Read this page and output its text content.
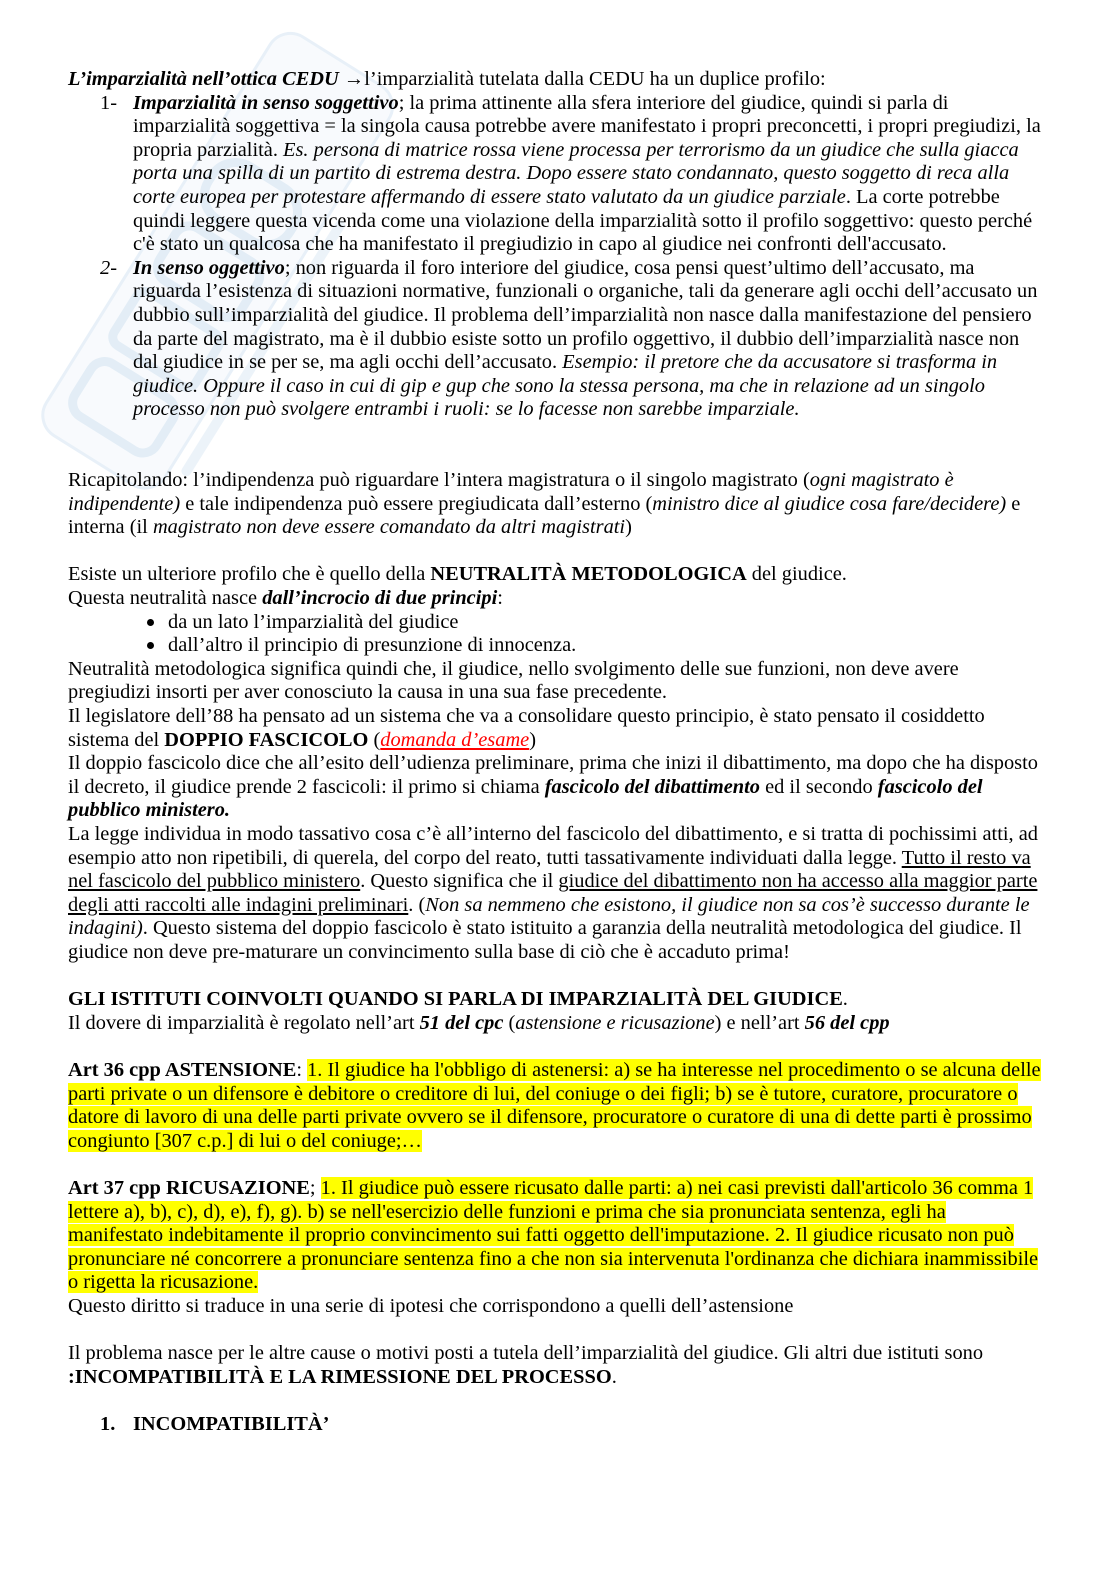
L’imparzialità nell’ottica CEDU →l’imparzialità tutelata dalla CEDU ha un duplice profilo:

1- Imparzialità in senso soggettivo; la prima attinente alla sfera interiore del giudice, quindi si parla di imparzialità soggettiva = la singola causa potrebbe avere manifestato i propri preconcetti, i propri pregiudizi, la propria parzialità. Es. persona di matrice rossa viene processa per terrorismo da un giudice che sulla giacca porta una spilla di un partito di estrema destra. Dopo essere stato condannato, questo soggetto di reca alla corte europea per protestare affermando di essere stato valutato da un giudice parziale. La corte potrebbe quindi leggere questa vicenda come una violazione della imparzialità sotto il profilo soggettivo: questo perché c'è stato un qualcosa che ha manifestato il pregiudizio in capo al giudice nei confronti dell'accusato.
2- In senso oggettivo; non riguarda il foro interiore del giudice, cosa pensi quest’ultimo dell’accusato, ma riguarda l’esistenza di situazioni normative, funzionali o organiche, tali da generare agli occhi dell’accusato un dubbio sull’imparzialità del giudice. Il problema dell’imparzialità non nasce dalla manifestazione del pensiero da parte del magistrato, ma è il dubbio esiste sotto un profilo oggettivo, il dubbio dell’imparzialità nasce non dal giudice in se per se, ma agli occhi dell’accusato. Esempio: il pretore che da accusatore si trasforma in giudice. Oppure il caso in cui di gip e gup che sono la stessa persona, ma che in relazione ad un singolo processo non può svolgere entrambi i ruoli: se lo facesse non sarebbe imparziale.

Ricapitolando: l’indipendenza può riguardare l’intera magistratura o il singolo magistrato (ogni magistrato è indipendente) e tale indipendenza può essere pregiudicata dall’esterno (ministro dice al giudice cosa fare/decidere) e interna (il magistrato non deve essere comandato da altri magistrati)

Esiste un ulteriore profilo che è quello della NEUTRALITÀ METODOLOGICA del giudice.

Questa neutralità nasce dall’incrocio di due principi:

da un lato l’imparzialità del giudice
dall’altro il principio di presunzione di innocenza.

Neutralità metodologica significa quindi che, il giudice, nello svolgimento delle sue funzioni, non deve avere pregiudizi insorti per aver conosciuto la causa in una sua fase precedente.

Il legislatore dell’88 ha pensato ad un sistema che va a consolidare questo principio, è stato pensato il cosiddetto sistema del DOPPIO FASCICOLO (domanda d’esame)

Il doppio fascicolo dice che all’esito dell’udienza preliminare, prima che inizi il dibattimento, ma dopo che ha disposto il decreto, il giudice prende 2 fascicoli: il primo si chiama fascicolo del dibattimento ed il secondo fascicolo del pubblico ministero.

La legge individua in modo tassativo cosa c’è all’interno del fascicolo del dibattimento, e si tratta di pochissimi atti, ad esempio atto non ripetibili, di querela, del corpo del reato, tutti tassativamente individuati dalla legge. Tutto il resto va nel fascicolo del pubblico ministero. Questo significa che il giudice del dibattimento non ha accesso alla maggior parte degli atti raccolti alle indagini preliminari. (Non sa nemmeno che esistono, il giudice non sa cos’è successo durante le indagini). Questo sistema del doppio fascicolo è stato istituito a garanzia della neutralità metodologica del giudice. Il giudice non deve pre-maturare un convincimento sulla base di ciò che è accaduto prima!

GLI ISTITUTI COINVOLTI QUANDO SI PARLA DI IMPARZIALITÀ DEL GIUDICE.

Il dovere di imparzialità è regolato nell’art 51 del cpc (astensione e ricusazione) e nell’art 56 del cpp

Art 36 cpp ASTENSIONE: 1. Il giudice ha l'obbligo di astenersi: a) se ha interesse nel procedimento o se alcuna delle parti private o un difensore è debitore o creditore di lui, del coniuge o dei figli; b) se è tutore, curatore, procuratore o datore di lavoro di una delle parti private ovvero se il difensore, procuratore o curatore di una di dette parti è prossimo congiunto [307 c.p.] di lui o del coniuge;…

Art 37 cpp RICUSAZIONE; 1. Il giudice può essere ricusato dalle parti: a) nei casi previsti dall'articolo 36 comma 1 lettere a), b), c), d), e), f), g). b) se nell'esercizio delle funzioni e prima che sia pronunciata sentenza, egli ha manifestato indebitamente il proprio convincimento sui fatti oggetto dell'imputazione. 2. Il giudice ricusato non può pronunciare né concorrere a pronunciare sentenza fino a che non sia intervenuta l'ordinanza che dichiara inammissibile o rigetta la ricusazione.

Questo diritto si traduce in una serie di ipotesi che corrispondono a quelli dell’astensione

Il problema nasce per le altre cause o motivi posti a tutela dell’imparzialità del giudice. Gli altri due istituti sono :INCOMPATIBILITÀ E LA RIMESSIONE DEL PROCESSO.

1. INCOMPATIBILITÀ’
